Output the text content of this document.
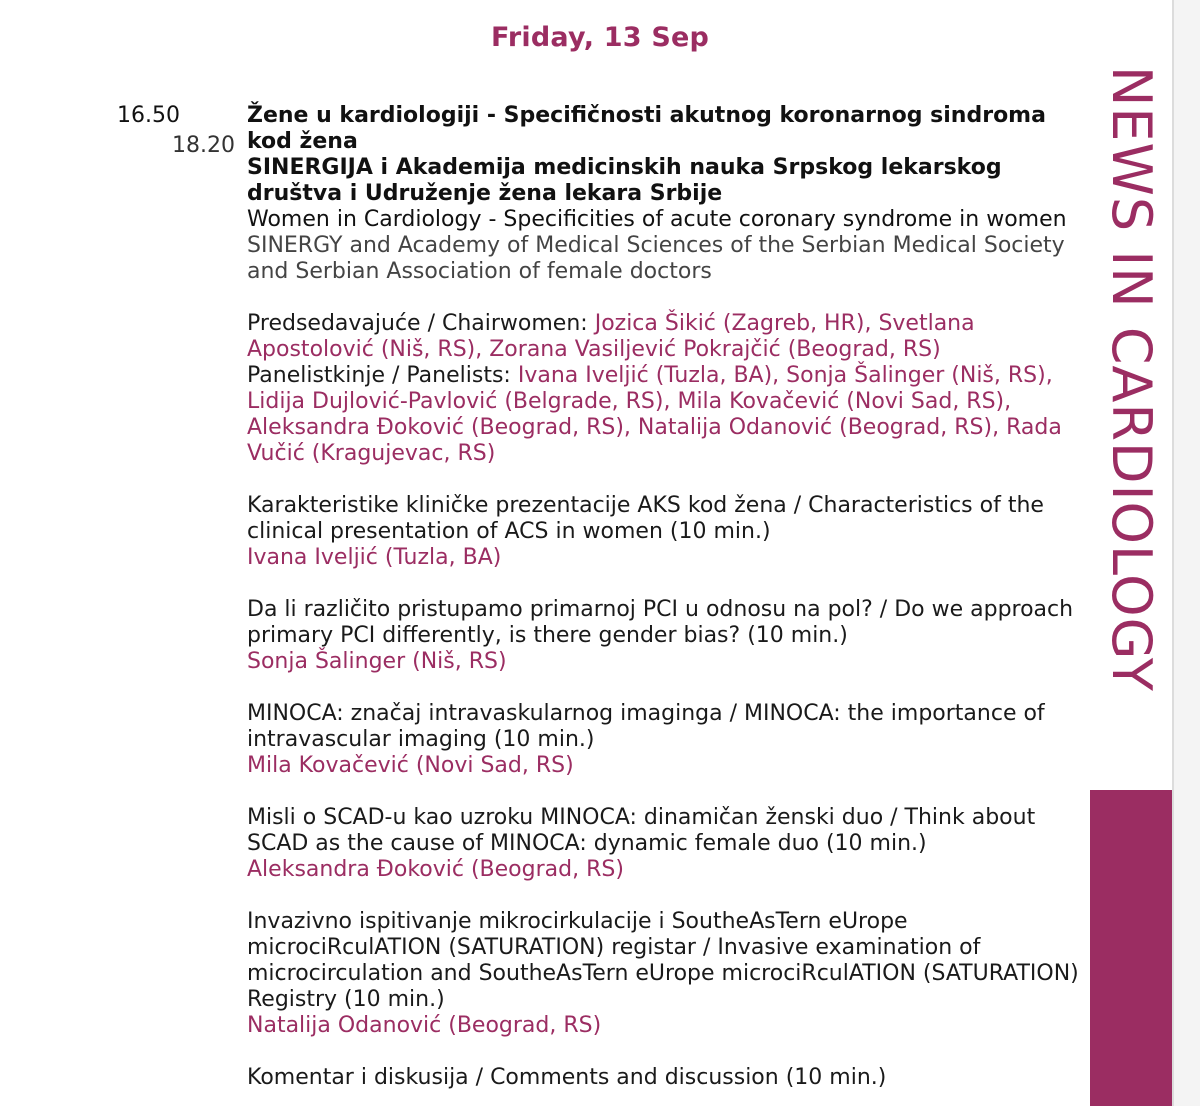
Friday, 13 Sep
NEWS IN CARDIOLOGY
16.50
18.20

Žene u kardiologiji - Specifičnosti akutnog koronarnog sindroma kod žena

SINERGIJA i Akademija medicinskih nauka Srpskog lekarskog društva i Udruženje žena lekara Srbije

Women in Cardiology - Specificities of acute coronary syndrome in women

SINERGY and Academy of Medical Sciences of the Serbian Medical Society and Serbian Association of female doctors

Predsedavajuće / Chairwomen: Jozica Šikić (Zagreb, HR), Svetlana Apostolović (Niš, RS), Zorana Vasiljević Pokrajčić (Beograd, RS)

Panelistkinje / Panelists: Ivana Iveljić (Tuzla, BA), Sonja Šalinger (Niš, RS), Lidija Dujlović-Pavlović (Belgrade, RS), Mila Kovačević (Novi Sad, RS), Aleksandra Đoković (Beograd, RS), Natalija Odanović (Beograd, RS), Rada Vučić (Kragujevac, RS)

Karakteristike kliničke prezentacije AKS kod žena / Characteristics of the clinical presentation of ACS in women (10 min.)

Ivana Iveljić (Tuzla, BA)

Da li različito pristupamo primarnoj PCI u odnosu na pol? / Do we approach primary PCI differently, is there gender bias? (10 min.)

Sonja Šalinger (Niš, RS)

MINOCA: značaj intravaskularnog imaginga / MINOCA: the importance of intravascular imaging (10 min.)

Mila Kovačević (Novi Sad, RS)

Misli o SCAD-u kao uzroku MINOCA: dinamičan ženski duo / Think about SCAD as the cause of MINOCA: dynamic female duo (10 min.)

Aleksandra Đoković (Beograd, RS)

Invazivno ispitivanje mikrocirkulacije i SoutheAsTern eUrope microciRculATION (SATURATION) registar / Invasive examination of microcirculation and SoutheAsTern eUrope microciRculATION (SATURATION) Registry (10 min.)

Natalija Odanović (Beograd, RS)

Komentar i diskusija / Comments and discussion (10 min.)
